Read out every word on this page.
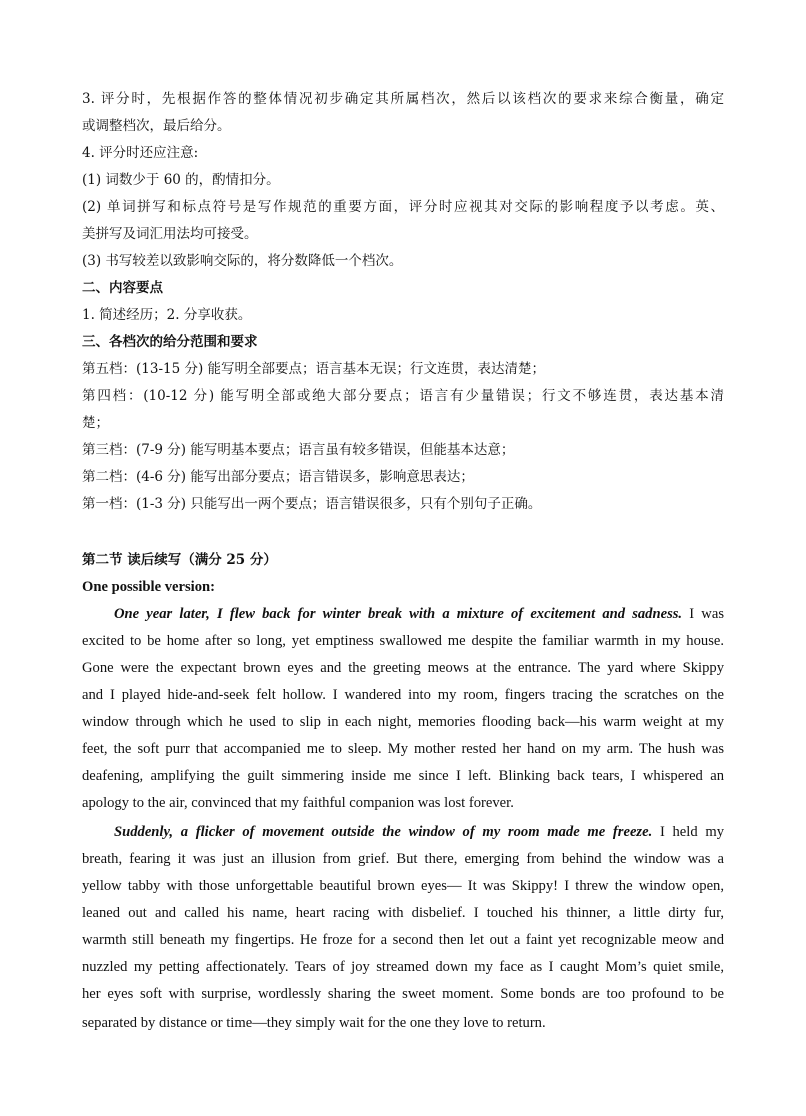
3. 评分时，先根据作答的整体情况初步确定其所属档次，然后以该档次的要求来综合衡量，确定
或调整档次，最后给分。
4. 评分时还应注意:
(1) 词数少于 60 的，酌情扣分。
(2) 单词拼写和标点符号是写作规范的重要方面，评分时应视其对交际的影响程度予以考虑。英、
美拼写及词汇用法均可接受。
(3) 书写较差以致影响交际的，将分数降低一个档次。
二、内容要点
1. 简述经历；2. 分享收获。
三、各档次的给分范围和要求
第五档：(13-15 分) 能写明全部要点；语言基本无误；行文连贯，表达清楚；
第四档：(10-12 分) 能写明全部或绝大部分要点；语言有少量错误；行文不够连贯，表达基本清
楚；
第三档：(7-9 分) 能写明基本要点；语言虽有较多错误，但能基本达意；
第二档：(4-6 分) 能写出部分要点；语言错误多，影响意思表达；
第一档：(1-3 分) 只能写出一两个要点；语言错误很多，只有个别句子正确。
第二节 读后续写（满分 25 分）
One possible version:
One year later, I flew back for winter break with a mixture of excitement and sadness. I was
excited to be home after so long, yet emptiness swallowed me despite the familiar warmth in my house.
Gone were the expectant brown eyes and the greeting meows at the entrance. The yard where Skippy
and I played hide-and-seek felt hollow. I wandered into my room, fingers tracing the scratches on the
window through which he used to slip in each night, memories flooding back—his warm weight at my
feet, the soft purr that accompanied me to sleep. My mother rested her hand on my arm. The hush was
deafening, amplifying the guilt simmering inside me since I left. Blinking back tears, I whispered an
apology to the air, convinced that my faithful companion was lost forever.
Suddenly, a flicker of movement outside the window of my room made me freeze. I held my
breath, fearing it was just an illusion from grief. But there, emerging from behind the window was a
yellow tabby with those unforgettable beautiful brown eyes— It was Skippy! I threw the window open,
leaned out and called his name, heart racing with disbelief. I touched his thinner, a little dirty fur,
warmth still beneath my fingertips. He froze for a second then let out a faint yet recognizable meow and
nuzzled my petting affectionately. Tears of joy streamed down my face as I caught Mom’s quiet smile,
her eyes soft with surprise, wordlessly sharing the sweet moment. Some bonds are too profound to be
separated by distance or time—they simply wait for the one they love to return.
